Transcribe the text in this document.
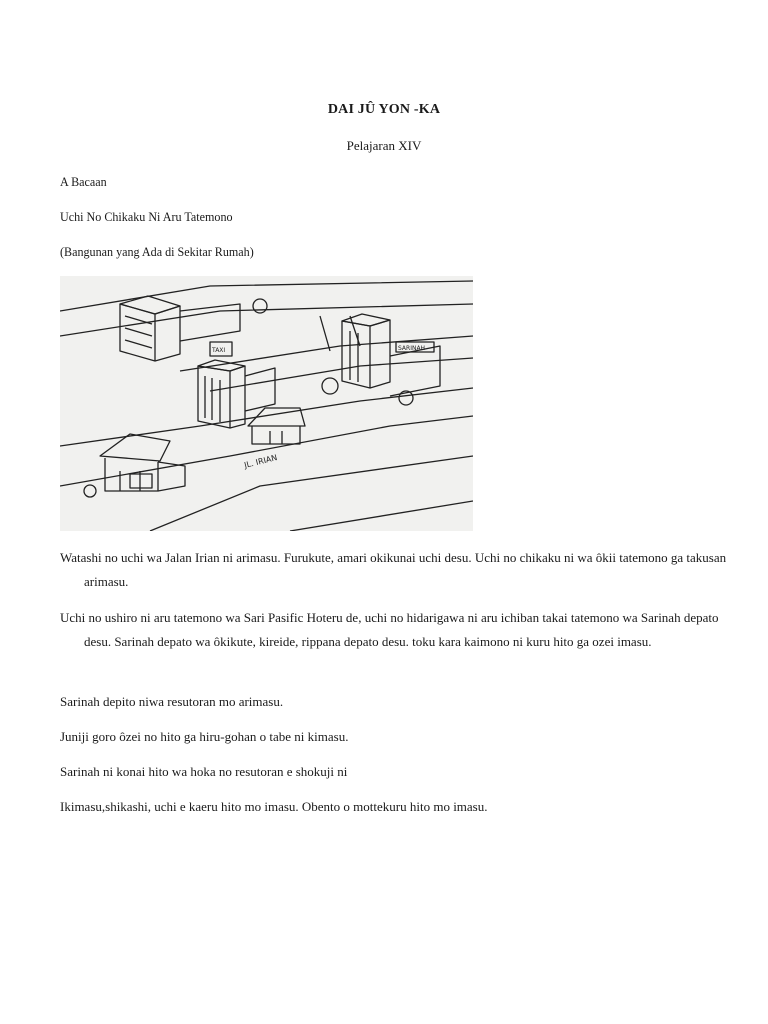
DAI JÛ YON -KA
Pelajaran XIV
A Bacaan
Uchi No Chikaku Ni Aru Tatemono
(Bangunan yang Ada di Sekitar Rumah)
JL. IRIAN
TAXI	SARINAH
Watashi no uchi wa Jalan Irian ni arimasu. Furukute, amari okikunai uchi desu. Uchi no chikaku ni wa ôkii tatemono ga takusan arimasu.
Uchi no ushiro ni aru tatemono wa Sari Pasific Hoteru de, uchi no hidarigawa ni aru ichiban takai tatemono wa Sarinah depato desu. Sarinah depato wa ôkikute, kireide, rippana depato desu. toku kara kaimono ni kuru hito ga ozei imasu.
Sarinah depito niwa resutoran mo arimasu.
Juniji goro ôzei no hito ga hiru-gohan o tabe ni kimasu.
Sarinah ni konai hito wa hoka no resutoran e shokuji ni
Ikimasu,shikashi, uchi e kaeru hito mo imasu. Obento o mottekuru hito mo imasu.
